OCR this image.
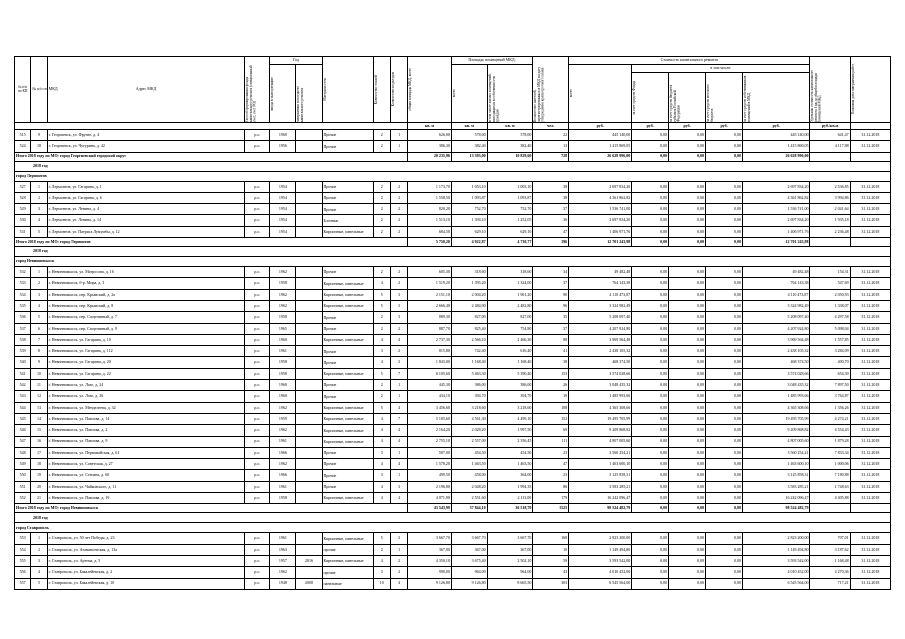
№ п/п по КП	№ п/п по МКД	Адрес МКД	Способ формирования фонда капитального ремонта (специальный счет, счет РО)	Год		Материал стен	Количество этажей	Количество подъездов	общая площадь МКД, всего	Площадь помещений МКД:		Количество жителей, зарегистрированных в МКД на дату утверждения краткосрочного плана	Стоимость капитального ремонта					Удельная стоимость капитального ремонта 1 кв. м общей площади помещений МКД	Плановая дата завершения работ

				ввода в эксплуатацию	завершения последнего капитального ремонта					всего	в том числе жилых помещений, находящихся в собственности граждан		всего	в том числе:					

														за счет средств Фонда	за счет средств бюджета субъекта Российской Федерации	за счет средств местного бюджета	за счет средств собственников помещений в МКД		

									кв. м	кв. м	кв. м	чел.	руб.	руб.	руб.	руб.	руб.	руб./кв.м	
515	9	г. Георгиевск, ул. Фрунзе, д. 4	р.о.	1960		Прочие	2	1	626,00	578,00	578,00	22	445 140,00	0,00	0,00	0,00	445 140,00	641,47	31.12.2018
524	18	г. Георгиевск, ул. Чугурина, д. 42	р.о.	1956		Прочие	2	1	386,30	382,40	382,40	13	1 415 869,05	0,00	0,00	0,00	1 415 869,05	4 117,88	31.12.2018
Итого 2018 году по МО: город Георгиевский городской округ									20 235,96	13 393,00	10 829,60	728	26 628 996,00	0,00	0,00	0,00	26 628 996,00		
2018 год																			
город Лермонтов																			
527	1	г. Лермонтов, ул. Гагарина, д. 1	р.о.	1954		Прочие	2	2	1 173,70	1 053,10	1 003,10	38	2 697 834,20	0,00	0,00	0,00	2 697 834,20	2 536,85	31.12.2018
528	2	г. Лермонтов, ул. Гагарина, д. 6	р.о.	1954		Прочие	2	2	1 558,50	1 093,87	1 093,87	38	4 361 862,82	0,00	0,00	0,00	4 361 862,82	3 994,86	31.12.2018
529	3	г. Лермонтов, ул. Ленина, д. 4	р.о.	1954		Прочие	2	2	820,20	752,70	752,70	37	1 536 741,00	0,00	0,00	0,00	1 536 741,00	2 041,64	31.12.2018
530	4	г. Лермонтов, ул. Ленина, д. 14	р.о.	1954		Блочные	2	2	1 513,10	1 394,10	1 252,05	36	2 697 834,20	0,00	0,00	0,00	2 697 834,20	1 935,18	31.12.2018
531	5	г. Лермонтов, ул. Патриса Лумумбы, д. 12	р.о.	1954		Кирпичные, панельные	2	2	684,50	629,10	629,10	47	1 406 971,76	0,00	0,00	0,00	1 406 971,76	2 236,48	31.12.2018
Итого 2018 году по МО: город Лермонтов									5 750,20	4 922,87	4 730,77	196	12 701 243,98	0,00	0,00	0,00	12 701 243,98		
2018 год																			
город Невинномысск																			
532	1	г. Невинномысск, ул. Матросова, д. 16	р.о.	1962		Прочие	2	2	605,30	318,60	318,60	34	49 482,48	0,00	0,00	0,00	49 482,48	154,31	31.12.2018
533	2	г. Невинномысск, б-р. Мира, д. 3	р.о.	1958		Кирпичные, панельные	4	2	1 519,20	1 395,20	1 324,00	37	764 143,38	0,00	0,00	0,00	764 143,38	547,69	31.12.2018
534	3	г. Невинномысск, пер. Крымский, д. 2а	р.о.	1962		Кирпичные, панельные	5	3	2 151,10	2 004,20	1 961,20	90	4 110 473,87	0,00	0,00	0,00	4 110 473,87	2 050,93	31.12.2018
535	4	г. Невинномысск, пер. Крымский, д. 8	р.о.	1962		Кирпичные, панельные	5	3	2 666,40	2 484,90	2 482,80	96	3 324 982,49	0,00	0,00	0,00	3 324 982,49	1 338,07	31.12.2018
536	5	г. Невинномысск, пер. Спортивный, д. 7	р.о.	1958		Прочие	2	3	889,30	827,00	827,00	35	5 208 097,40	0,00	0,00	0,00	5 208 097,40	4 297,58	31.12.2018
537	6	г. Невинномысск, пер. Спортивный, д. 9	р.о.	1965		Прочие	2	2	887,70	825,40	754,80	37	4 207 924,80	0,00	0,00	0,00	4 207 924,80	5 098,04	31.12.2018
538	7	г. Невинномысск, ул. Гагарина, д. 10	р.о.	1960		Кирпичные, панельные	4	4	2 737,30	2 566,10	2 466,30	88	3 969 564,48	0,00	0,00	0,00	3 969 564,48	1 557,85	31.12.2018
539	8	г. Невинномысск, ул. Гагарина, д. 112	р.о.	1961		Прочие	3	2	815,80	742,40	616,40	41	2 438 105,32	0,00	0,00	0,00	2 438 105,32	3 284,09	31.12.2018
540	9	г. Невинномысск, ул. Гагарина, д. 20	р.о.	1958		Прочие	4	3	1 843,00	1 168,40	1 168,40	38	468 374,50	0,00	0,00	0,00	468 374,50	400,70	31.12.2018
541	10	г. Невинномысск, ул. Гагарина, д. 22	р.о.	1958		Кирпичные, панельные	5	7	6 105,60	5 463,30	5 390,40	153	3 574 028,66	0,00	0,00	0,00	3 574 028,66	654,39	31.12.2018
542	11	г. Невинномысск, ул. Лазо, д. 24	р.о.	1960		Прочие	2	1	445,30	386,00	386,00	26	3 048 435,32	0,00	0,00	0,00	3 048 435,32	7 897,50	31.12.2018
543	12	г. Невинномысск, ул. Лазо, д. 26	р.о.	1960		Прочие	2	1	434,10	394,70	394,70	19	1 485 993,66	0,00	0,00	0,00	1 485 993,66	3 764,87	31.12.2018
544	13	г. Невинномысск, ул. Менделеева, д. 32	р.о.	1962		Кирпичные, панельные	5	4	3 456,60	3 218,60	3 218,60	108	4 365 308,66	0,00	0,00	0,00	4 365 308,66	1 356,26	31.12.2018
545	14	г. Невинномысск, ул. Павлова, д. 14	р.о.	1959		Кирпичные, панельные	4	7	5 105,60	4 561,30	4 499,10	152	19 495 705,99	0,00	0,00	0,00	19 495 705,99	4 274,21	31.12.2018
546	15	г. Невинномысск, ул. Павлова, д. 2	р.о.	1962		Кирпичные, панельные	4	4	2 164,20	2 028,20	1 997,50	69	9 209 868,82	0,00	0,00	0,00	9 209 868,82	4 554,43	31.12.2018
547	16	г. Невинномысск, ул. Павлова, д. 9	р.о.	1961		Кирпичные, панельные	4	4	2 755,10	2 557,00	2 356,45	111	4 807 005,60	0,00	0,00	0,00	4 807 005,60	1 879,28	31.12.2018
548	17	г. Невинномысск, ул. Первомайская, д. 61	р.о.	1966		Прочие	3	1	507,00	454,50	454,50	23	3 560 254,21	0,00	0,00	0,00	3 560 254,21	7 833,34	31.12.2018
549	18	г. Невинномысск, ул. Советская, д. 27	р.о.	1962		Прочие	4	4	1 578,20	1 463,50	1 463,50	47	1 463 600,10	0,00	0,00	0,00	1 463 600,10	1 000,06	31.12.2018
550	19	г. Невинномысск, ул. Степана, д. 60	р.о.	1966		Прочие	3	1	499,50	458,00	364,00	23	3 125 858,31	0,00	0,00	0,00	3 125 858,31	7 180,88	31.12.2018
551	20	г. Невинномысск, ул. Чайковского, д. 11	р.о.	1961		Прочие	4	3	2 196,80	2 048,20	1 994,35	86	3 583 285,21	0,00	0,00	0,00	3 583 285,21	1 748,63	31.12.2018
552	21	г. Невинномысск, ул. Павлова, д. 19	р.о.	1958		Кирпичные, панельные	4	4	4 071,90	2 551,60	2 113,00	179	16 242 096,47	0,00	0,00	0,00	16 242 096,47	4 405,88	31.12.2018
Итого 2018 году по МО: город Невинномысск									43 543,99	37 844,10	36 518,70	1525	98 524 482,79	0,00	0,00	0,00	98 524 482,79		
2018 год																			
город Ставрополь																			
553	1	г. Ставрополь, ул. 50 лет Победы, д. 23	р.о.	1961		Кирпичные, панельные	5	3	3 667,70	3 667,70	3 667,70	168	2 823 200,00	0,00	0,00	0,00	2 823 200,00	707,01	31.12.2018
554	2	г. Ставрополь, ул. Атаманоевская, д. 13а	р.о.	1963		прочие	2	1	367,00	367,00	367,00	10	1 149 494,80	0,00	0,00	0,00	1 149 494,80	3 187,62	31.12.2018
555	3	г. Ставрополь, ул. Артема, д. 5	р.о.	1957	2016	Кирпичные, панельные	4	2	4 350,10	3 675,40	2 502,10	59	3 593 542,00	0,00	0,00	0,00	3 593 542,00	1 168,48	31.12.2018
556	4	г. Ставрополь, ул. Бакалейевская, д. 2	р.о.	1962		прочие	3	2	990,00	964,00	964,00	43	4 010 452,00	0,00	0,00	0,00	4 010 452,00	4 270,36	31.12.2018
557	5	г. Ставрополь, ул. Бакалейевская, д. 10	р.о.	1948	2008	панельные	10	4	9 126,80	9 126,80	8 665,50	303	6 545 564,00	0,00	0,00	0,00	6 545 564,00	717,21	31.12.2018
